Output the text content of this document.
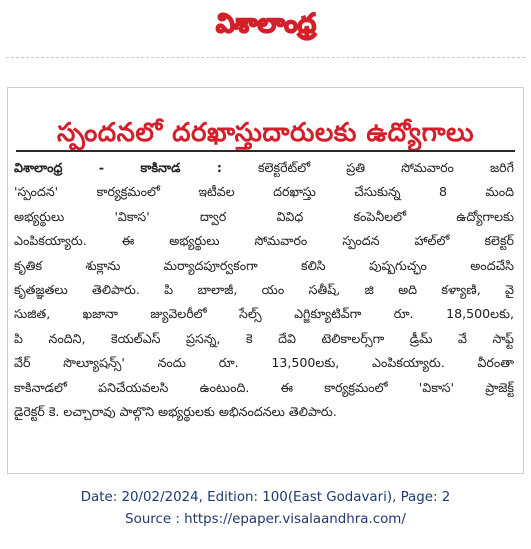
విశాలాంధ్ర
స్పందనలో దరఖాస్తుదారులకు ఉద్యోగాలు

విశాలాంధ్ర - కాకినాడ : కలెక్టరేట్‌లో ప్రతి సోమవారం జరిగే
'స్పందన' కార్యక్రమంలో ఇటీవల దరఖాస్తు చేసుకున్న 8 మంది
అభ్యర్థులు 'వికాస' ద్వార వివిధ కంపెనీలలో ఉద్యోగాలకు
ఎంపికయ్యారు. ఈ అభ్యర్థులు సోమవారం స్పందన హాల్‌లో కలెక్టర్
కృతిక శుక్లాను మర్యాదపూర్వకంగా కలిసి పుష్పగుచ్ఛం అందచేసి
కృతజ్ఞతలు తెలిపారు. పి బాలాజీ, యం సతీష్, జి అది కళ్యాణి, వై
సుజిత, ఖజానా జ్యువెలరీలో సేల్స్ ఎగ్జిక్యూటివ్‌గా రూ. 18,500లకు,
పి నందిని, కెయల్ఎస్ ప్రసన్న, కె దేవి టెలికాలర్స్‌గా డ్రీమ్ వే సాఫ్ట్
వేర్ సొల్యూషన్స్' నందు రూ. 13,500లకు, ఎంపికయ్యారు. వీరంతా
కాకినాడలో పనిచేయవలసి ఉంటుంది. ఈ కార్యక్రమంలో 'వికాస' ప్రాజెక్ట్
డైరెక్టర్ కె. లచ్చారావు పాల్గొని అభ్యర్థులకు అభినందనలు తెలిపారు.

Date: 20/02/2024, Edition: 100(East Godavari), Page: 2
Source : https://epaper.visalaandhra.com/
